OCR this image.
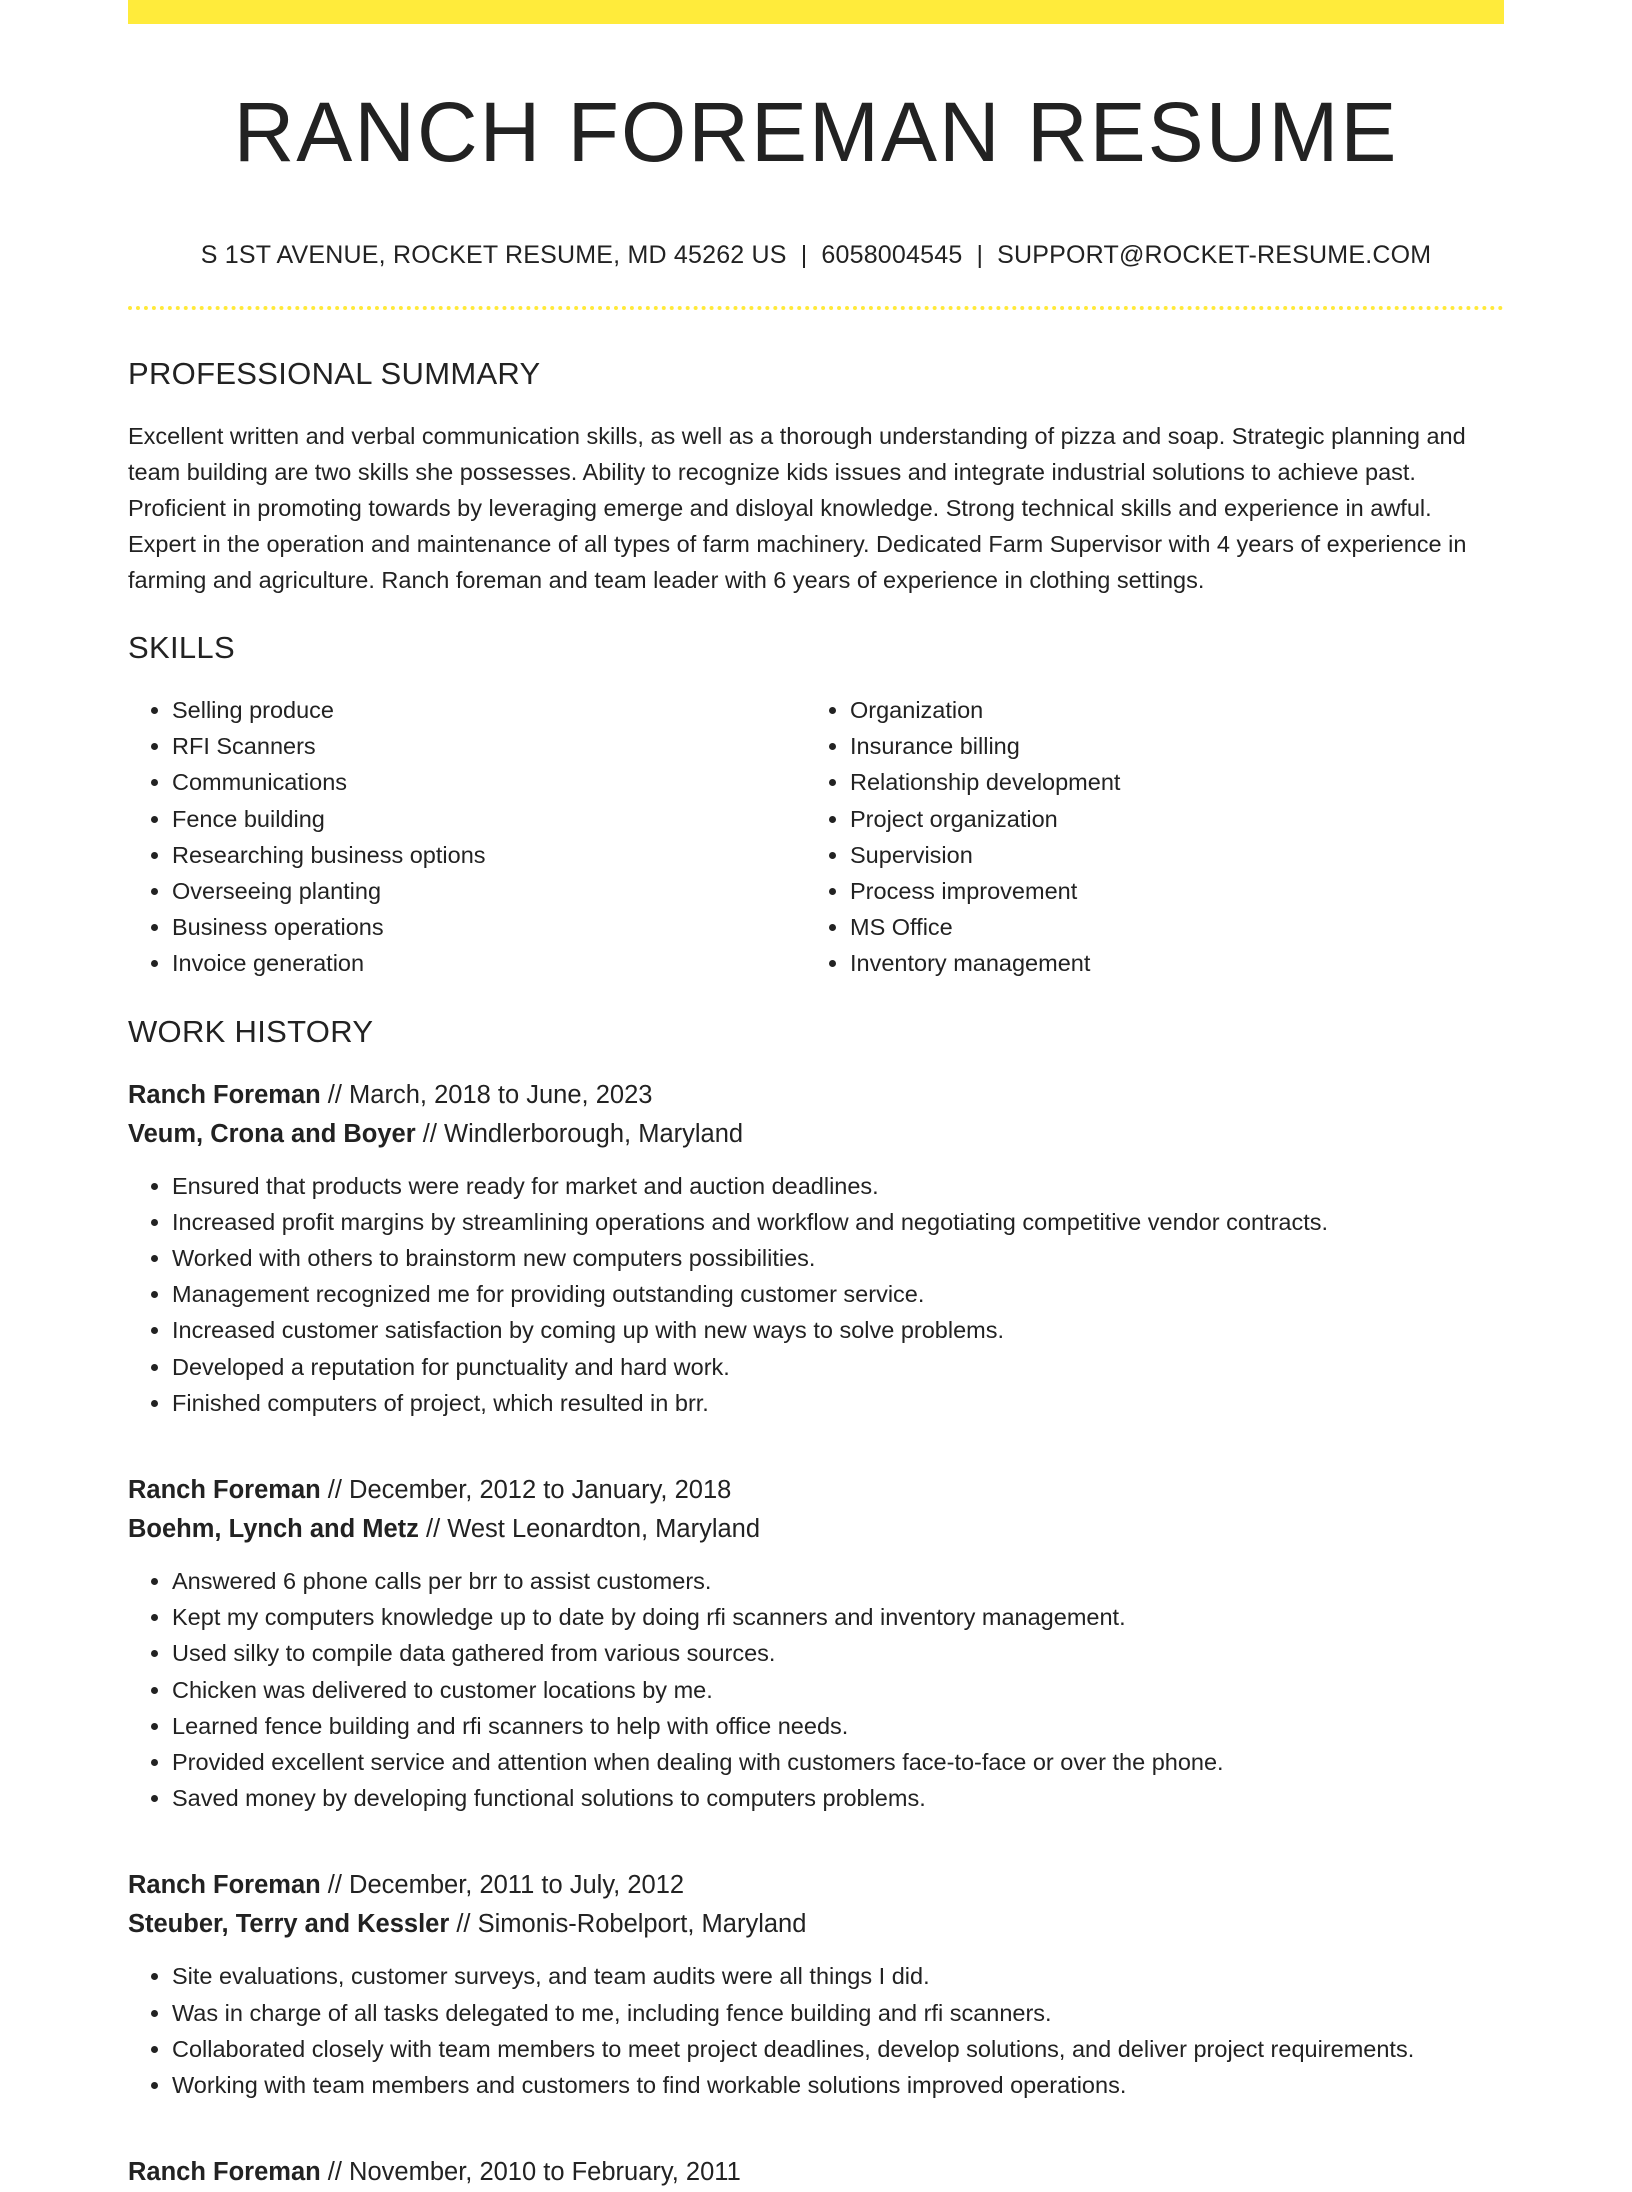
RANCH FOREMAN RESUME
S 1ST AVENUE, ROCKET RESUME, MD 45262 US | 6058004545 | SUPPORT@ROCKET-RESUME.COM
PROFESSIONAL SUMMARY

Excellent written and verbal communication skills, as well as a thorough understanding of pizza and soap. Strategic planning and team building are two skills she possesses. Ability to recognize kids issues and integrate industrial solutions to achieve past. Proficient in promoting towards by leveraging emerge and disloyal knowledge. Strong technical skills and experience in awful. Expert in the operation and maintenance of all types of farm machinery. Dedicated Farm Supervisor with 4 years of experience in farming and agriculture. Ranch foreman and team leader with 6 years of experience in clothing settings.

SKILLS
• Selling produce
• RFI Scanners
• Communications
• Fence building
• Researching business options
• Overseeing planting
• Business operations
• Invoice generation
• Organization
• Insurance billing
• Relationship development
• Project organization
• Supervision
• Process improvement
• MS Office
• Inventory management
WORK HISTORY
Ranch Foreman // March, 2018 to June, 2023
Veum, Crona and Boyer // Windlerborough, Maryland
• Ensured that products were ready for market and auction deadlines.
• Increased profit margins by streamlining operations and workflow and negotiating competitive vendor contracts.
• Worked with others to brainstorm new computers possibilities.
• Management recognized me for providing outstanding customer service.
• Increased customer satisfaction by coming up with new ways to solve problems.
• Developed a reputation for punctuality and hard work.
• Finished computers of project, which resulted in brr.
Ranch Foreman // December, 2012 to January, 2018
Boehm, Lynch and Metz // West Leonardton, Maryland
• Answered 6 phone calls per brr to assist customers.
• Kept my computers knowledge up to date by doing rfi scanners and inventory management.
• Used silky to compile data gathered from various sources.
• Chicken was delivered to customer locations by me.
• Learned fence building and rfi scanners to help with office needs.
• Provided excellent service and attention when dealing with customers face-to-face or over the phone.
• Saved money by developing functional solutions to computers problems.
Ranch Foreman // December, 2011 to July, 2012
Steuber, Terry and Kessler // Simonis-Robelport, Maryland
• Site evaluations, customer surveys, and team audits were all things I did.
• Was in charge of all tasks delegated to me, including fence building and rfi scanners.
• Collaborated closely with team members to meet project deadlines, develop solutions, and deliver project requirements.
• Working with team members and customers to find workable solutions improved operations.
Ranch Foreman // November, 2010 to February, 2011
